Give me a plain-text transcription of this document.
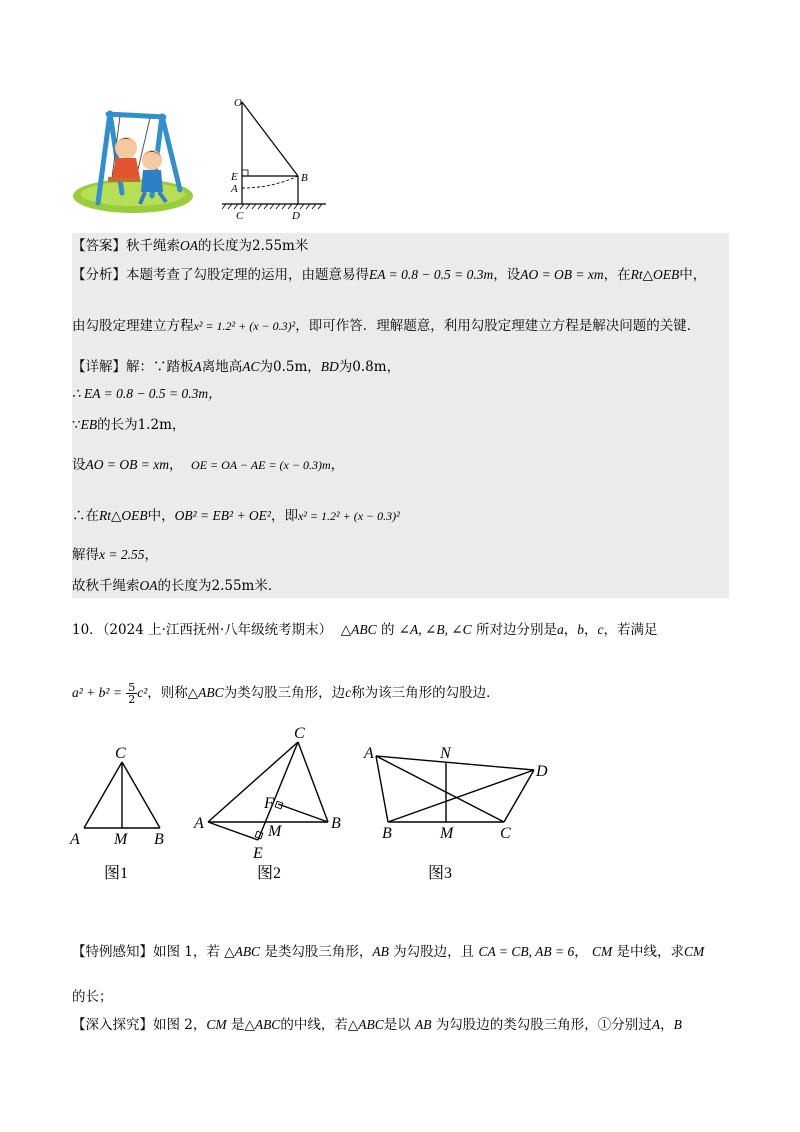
O
E
A
B
C	D
【答案】秋千绳索OA的长度为2.55m米
【分析】本题考查了勾股定理的运用，由题意易得EA = 0.8 − 0.5 = 0.3m，设AO = OB = xm，在Rt△OEB中，
由勾股定理建立方程x² = 1.2² + (x − 0.3)²，即可作答．理解题意，利用勾股定理建立方程是解决问题的关键．
【详解】解：∵踏板A离地高AC为0.5m，BD为0.8m，
∴ EA = 0.8 − 0.5 = 0.3m，
∵EB的长为1.2m，
设AO = OB = xm， OE = OA − AE = (x − 0.3)m，
∴在Rt△OEB中，OB² = EB² + OE²，即x² = 1.2² + (x − 0.3)²
解得x = 2.55，
故秋千绳索OA的长度为2.55m米．
10．（2024 上·江西抚州·八年级统考期末） △ABC 的 ∠A, ∠B, ∠C 所对边分别是a，b，c，若满足
$a^2 + b^2 = \frac{5}{2}c^2$，则称△ABC为类勾股三角形，边c称为该三角形的勾股边．
C
A M B
图1
C
F
A	M	B
E
图2
A	N
D
B	M	C
图3
【特例感知】如图 1，若 △ABC 是类勾股三角形，AB 为勾股边，且 CA = CB, AB = 6， CM 是中线，求CM
的长；
【深入探究】如图 2，CM 是△ABC的中线，若△ABC是以 AB 为勾股边的类勾股三角形，①分别过A，B
